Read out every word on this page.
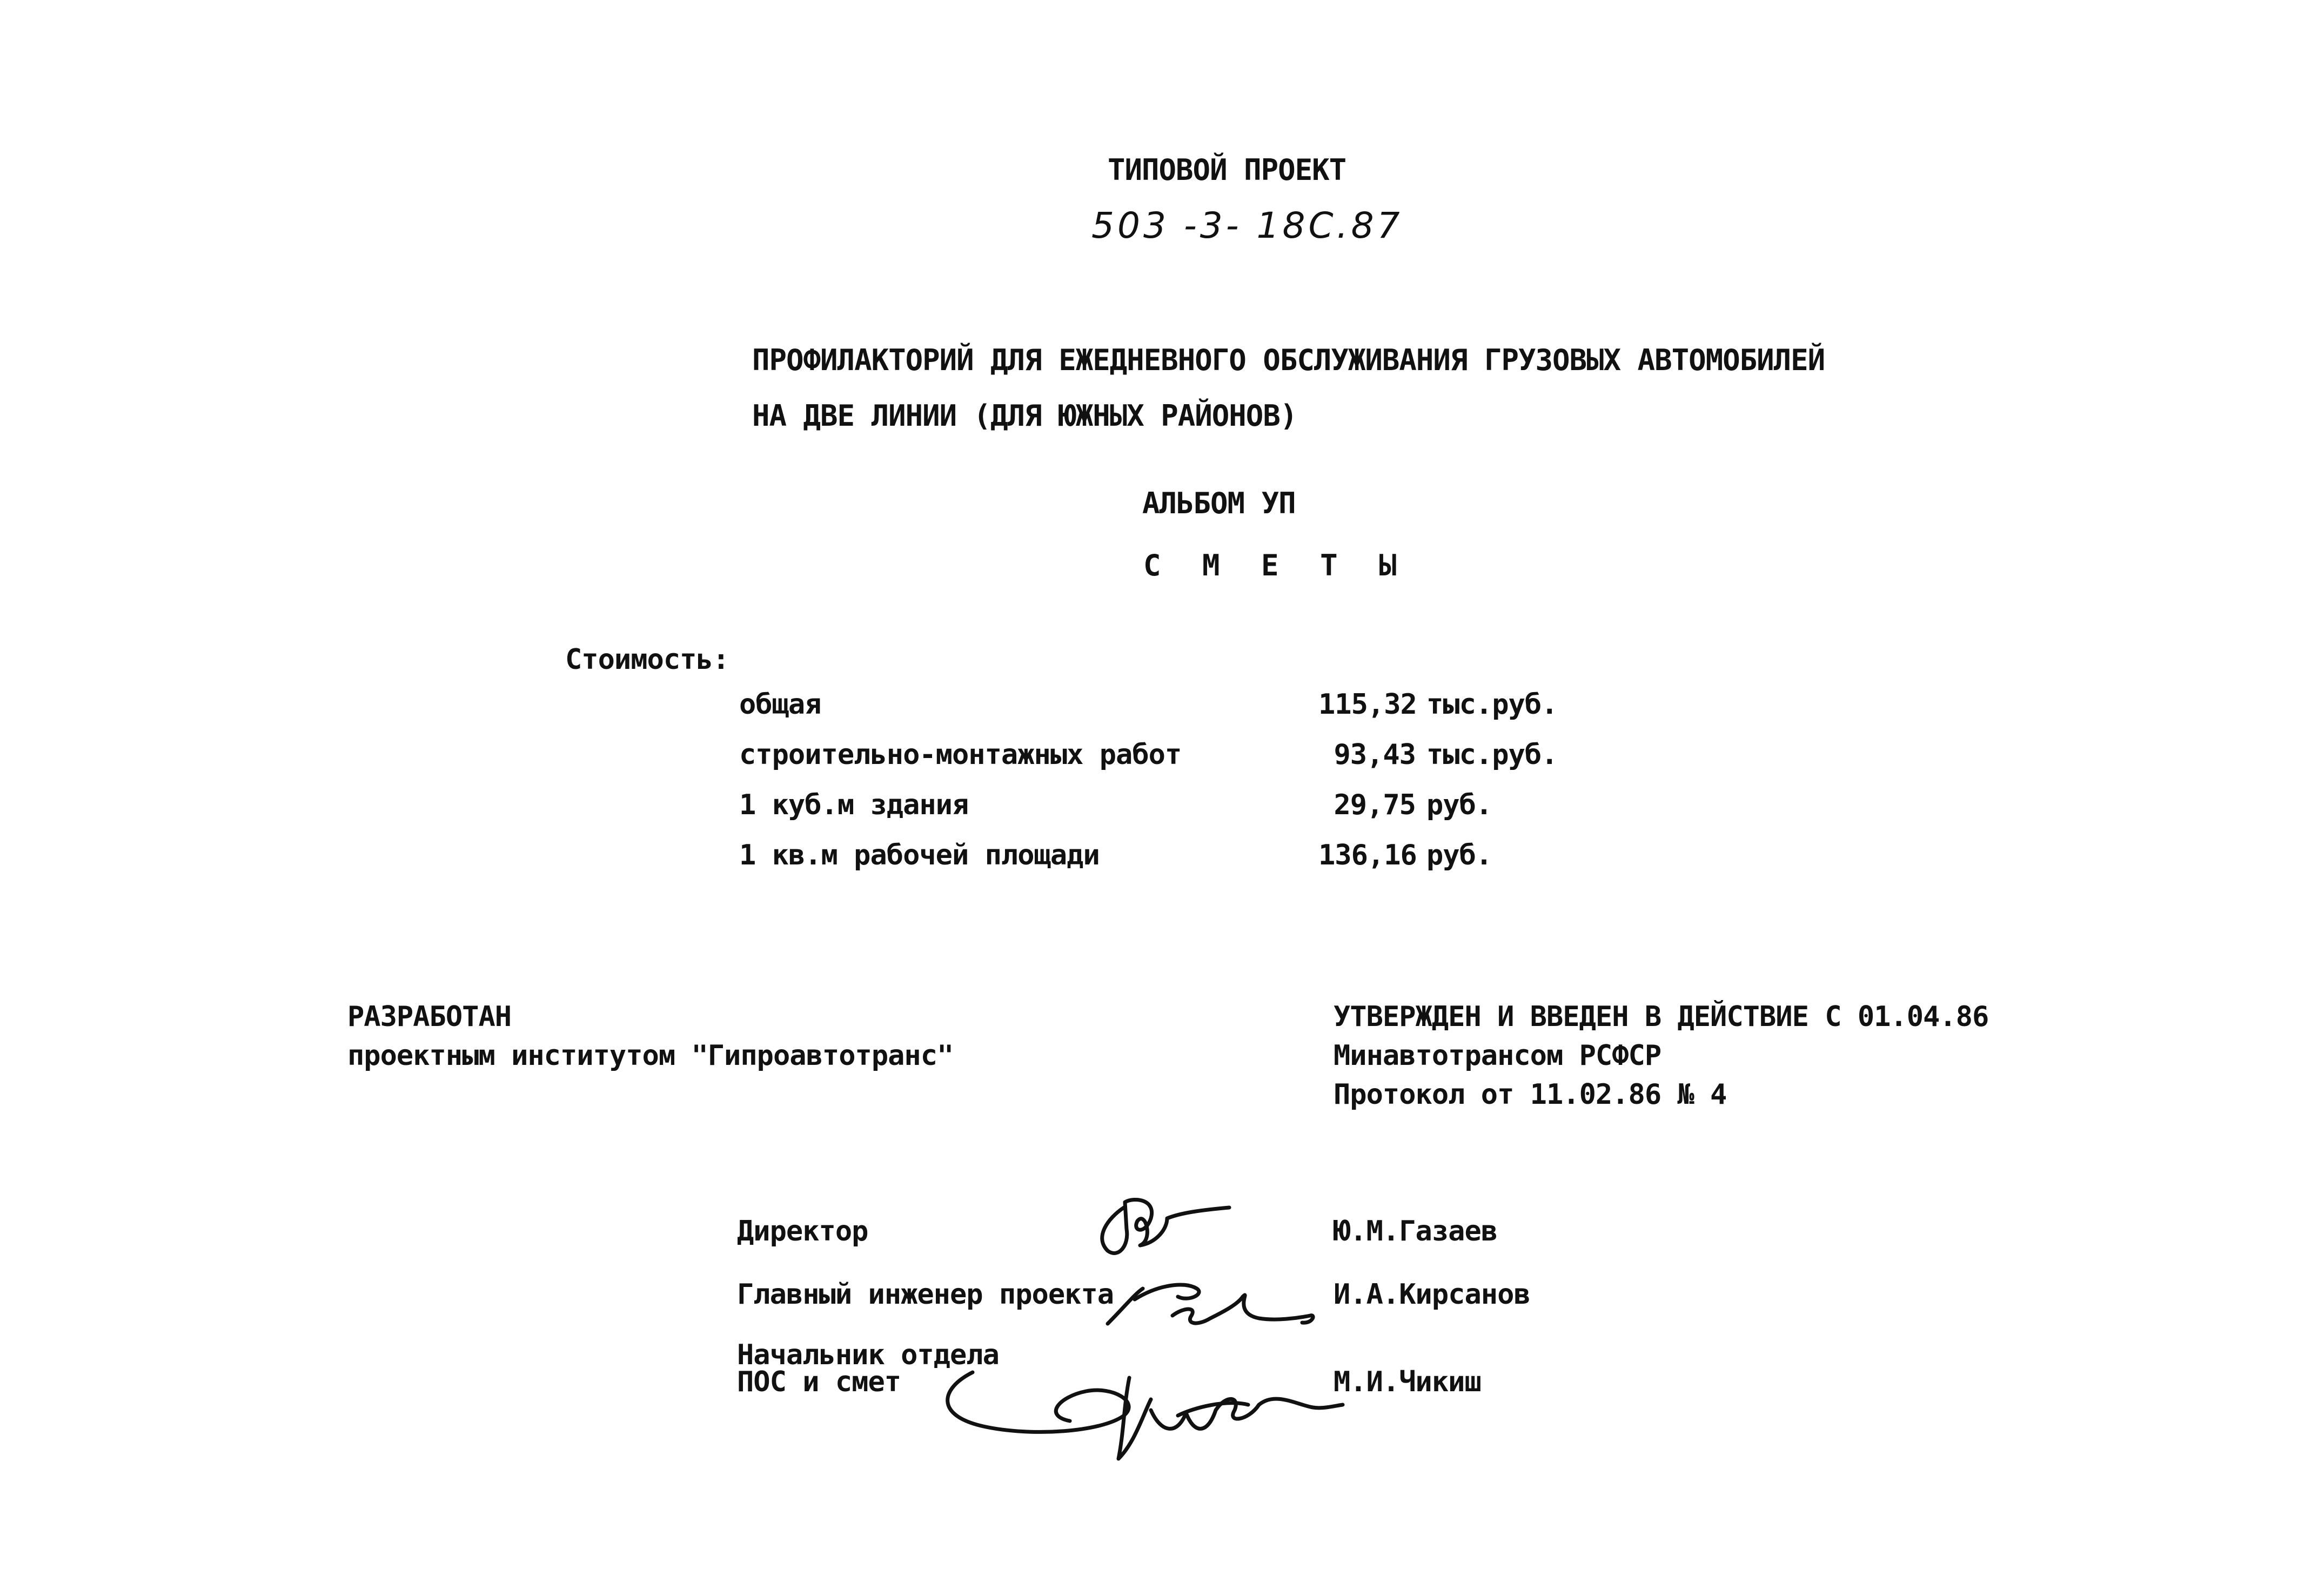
ТИПОВОЙ ПРОЕКТ
503 -3- 18С.87
ПРОФИЛАКТОРИЙ ДЛЯ ЕЖЕДНЕВНОГО ОБСЛУЖИВАНИЯ ГРУЗОВЫХ АВТОМОБИЛЕЙ
НА ДВЕ ЛИНИИ (ДЛЯ ЮЖНЫХ РАЙОНОВ)
АЛЬБОМ УП
С М Е Т Ы
Стоимость:
общая	115,32 тыс.руб.
строительно-монтажных работ	93,43 тыс.руб.
1 куб.м здания	29,75 руб.
1 кв.м рабочей площади	136,16 руб.
РАЗРАБОТАН
проектным институтом "Гипроавтотранс"
УТВЕРЖДЕН И ВВЕДЕН В ДЕЙСТВИЕ С 01.04.86
Минавтотрансом РСФСР
Протокол от 11.02.86 № 4
Директор	Ю.М.Газаев
Главный инженер проекта	И.А.Кирсанов
Начальник отдела
ПОС и смет	М.И.Чикиш
